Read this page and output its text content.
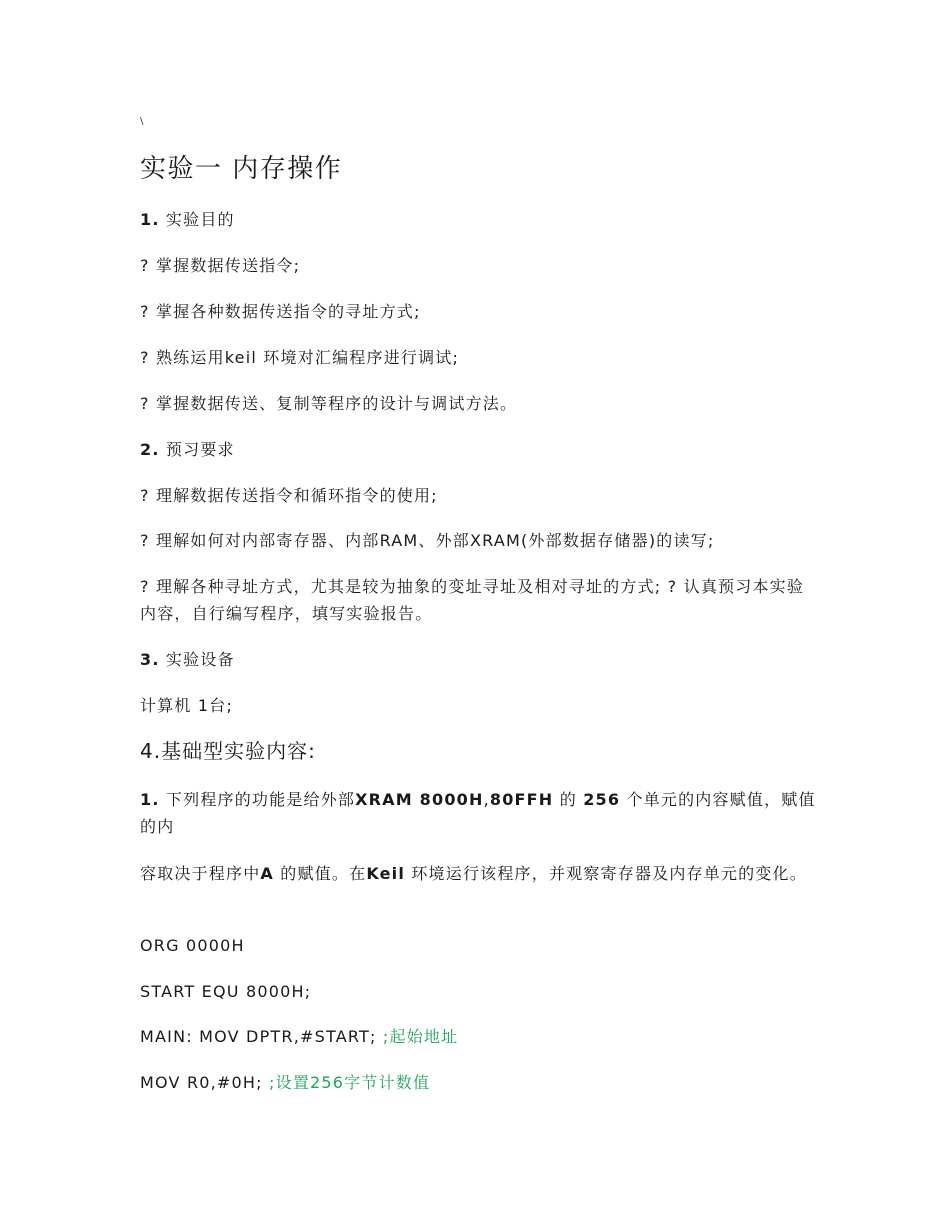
\
实验一 内存操作
1. 实验目的
? 掌握数据传送指令;
? 掌握各种数据传送指令的寻址方式;
? 熟练运用keil 环境对汇编程序进行调试;
? 掌握数据传送、复制等程序的设计与调试方法。
2. 预习要求
? 理解数据传送指令和循环指令的使用;
? 理解如何对内部寄存器、内部RAM、外部XRAM(外部数据存储器)的读写;
? 理解各种寻址方式，尤其是较为抽象的变址寻址及相对寻址的方式; ? 认真预习本实验内容，自行编写程序，填写实验报告。
3. 实验设备
计算机 1台;
4.基础型实验内容:
1. 下列程序的功能是给外部XRAM 8000H,80FFH 的 256 个单元的内容赋值，赋值的内
容取决于程序中A 的赋值。在Keil 环境运行该程序，并观察寄存器及内存单元的变化。
ORG 0000H
START EQU 8000H;
MAIN: MOV DPTR,#START; ;起始地址
MOV R0,#0H; ;设置256字节计数值
